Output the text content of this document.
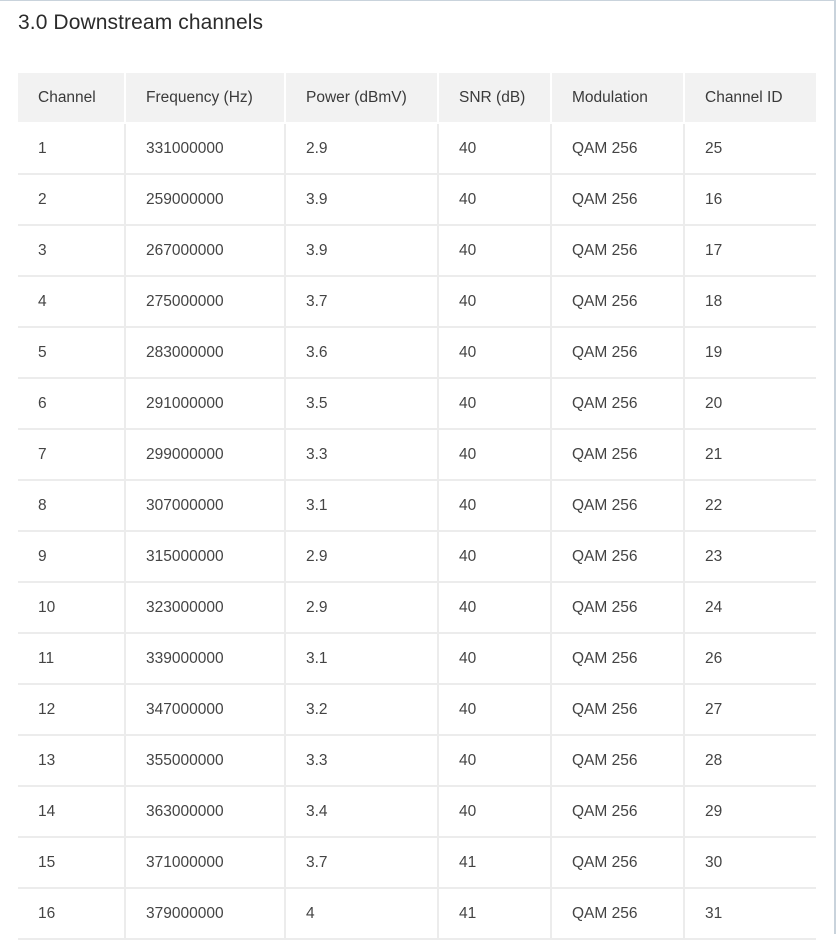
3.0 Downstream channels
Channel	Frequency (Hz)	Power (dBmV)	SNR (dB)	Modulation	Channel ID
1	331000000	2.9	40	QAM 256	25
2	259000000	3.9	40	QAM 256	16
3	267000000	3.9	40	QAM 256	17
4	275000000	3.7	40	QAM 256	18
5	283000000	3.6	40	QAM 256	19
6	291000000	3.5	40	QAM 256	20
7	299000000	3.3	40	QAM 256	21
8	307000000	3.1	40	QAM 256	22
9	315000000	2.9	40	QAM 256	23
10	323000000	2.9	40	QAM 256	24
11	339000000	3.1	40	QAM 256	26
12	347000000	3.2	40	QAM 256	27
13	355000000	3.3	40	QAM 256	28
14	363000000	3.4	40	QAM 256	29
15	371000000	3.7	41	QAM 256	30
16	379000000	4	41	QAM 256	31
